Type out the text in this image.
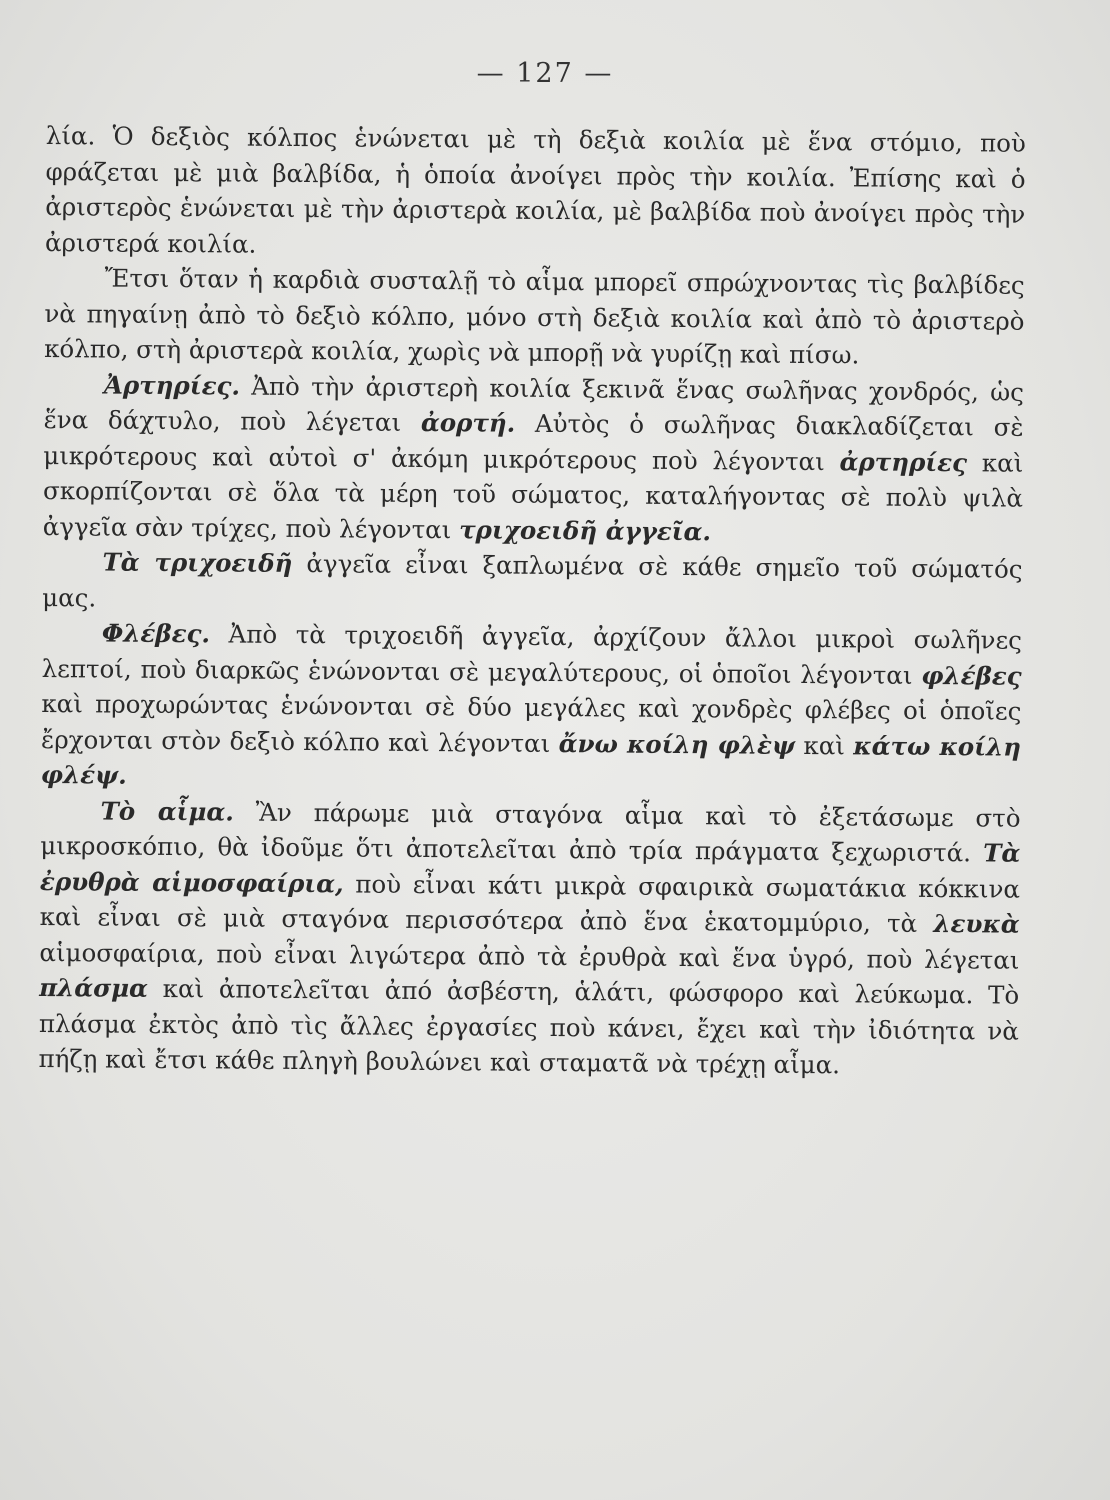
— 127 —

λία. Ὁ δεξιὸς κόλπος ἑνώνεται μὲ τὴ δεξιὰ κοιλία μὲ ἕνα στόμιο, ποὺ φράζεται μὲ μιὰ βαλβίδα, ἡ ὁποία ἀνοίγει πρὸς τὴν κοιλία. Ἐπίσης καὶ ὁ ἀριστερὸς ἑνώνεται μὲ τὴν ἀριστερὰ κοιλία, μὲ βαλβίδα ποὺ ἀνοίγει πρὸς τὴν ἀριστερά κοιλία.

Ἔτσι ὅταν ἡ καρδιὰ συσταλῇ τὸ αἷμα μπορεῖ σπρώχνοντας τὶς βαλβίδες νὰ πηγαίνῃ ἀπὸ τὸ δεξιὸ κόλπο, μόνο στὴ δεξιὰ κοιλία καὶ ἀπὸ τὸ ἀριστερὸ κόλπο, στὴ ἀριστερὰ κοιλία, χωρὶς νὰ μπορῇ νὰ γυρίζῃ καὶ πίσω.

Ἀρτηρίες. Ἀπὸ τὴν ἀριστερὴ κοιλία ξεκινᾶ ἕνας σωλῆνας χονδρός, ὡς ἕνα δάχτυλο, ποὺ λέγεται ἀορτή. Αὐτὸς ὁ σωλῆνας διακλαδίζεται σὲ μικρότερους καὶ αὐτοὶ σ' ἀκόμη μικρότερους ποὺ λέγονται ἀρτηρίες καὶ σκορπίζονται σὲ ὅλα τὰ μέρη τοῦ σώματος, καταλήγοντας σὲ πολὺ ψιλὰ ἀγγεῖα σὰν τρίχες, ποὺ λέγονται τριχοειδῆ ἀγγεῖα.

Τὰ τριχοειδῆ ἀγγεῖα εἶναι ξαπλωμένα σὲ κάθε σημεῖο τοῦ σώματός μας.

Φλέβες. Ἀπὸ τὰ τριχοειδῆ ἀγγεῖα, ἀρχίζουν ἄλλοι μικροὶ σωλῆνες λεπτοί, ποὺ διαρκῶς ἑνώνονται σὲ μεγαλύτερους, οἱ ὁποῖοι λέγονται φλέβες καὶ προχωρώντας ἑνώνονται σὲ δύο μεγάλες καὶ χονδρὲς φλέβες οἱ ὁποῖες ἔρχονται στὸν δεξιὸ κόλπο καὶ λέγονται ἄνω κοίλη φλὲψ καὶ κάτω κοίλη φλέψ.

Τὸ αἷμα. Ἂν πάρωμε μιὰ σταγόνα αἷμα καὶ τὸ ἐξετάσωμε στὸ μικροσκόπιο, θὰ ἰδοῦμε ὅτι ἀποτελεῖται ἀπὸ τρία πράγματα ξεχωριστά. Τὰ ἐρυθρὰ αἱμοσφαίρια, ποὺ εἶναι κάτι μικρὰ σφαιρικὰ σωματάκια κόκκινα καὶ εἶναι σὲ μιὰ σταγόνα περισσότερα ἀπὸ ἕνα ἑκατομμύριο, τὰ λευκὰ αἱμοσφαίρια, ποὺ εἶναι λιγώτερα ἀπὸ τὰ ἐρυθρὰ καὶ ἕνα ὑγρό, ποὺ λέγεται πλάσμα καὶ ἀποτελεῖται ἀπό ἀσβέστη, ἁλάτι, φώσφορο καὶ λεύκωμα. Τὸ πλάσμα ἐκτὸς ἀπὸ τὶς ἄλλες ἐργασίες ποὺ κάνει, ἔχει καὶ τὴν ἰδιότητα νὰ πήζῃ καὶ ἔτσι κάθε πληγὴ βουλώνει καὶ σταματᾶ νὰ τρέχῃ αἷμα.
